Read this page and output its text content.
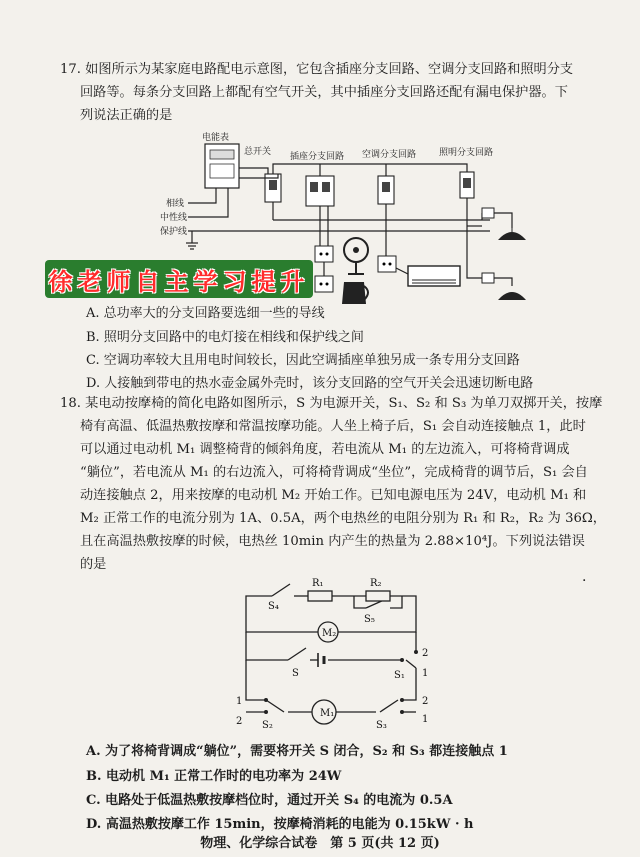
17. 如图所示为某家庭电路配电示意图，它包含插座分支回路、空调分支回路和照明分支
回路等。每条分支回路上都配有空气开关，其中插座分支回路还配有漏电保护器。下
列说法正确的是
电能表
总开关 插座分支回路 空调分支回路	照明分支回路
相线
中性线
保护线
徐老师自主学习提升
A. 总功率大的分支回路要选细一些的导线
B. 照明分支回路中的电灯接在相线和保护线之间
C. 空调功率较大且用电时间较长，因此空调插座单独另成一条专用分支回路
D. 人接触到带电的热水壶金属外壳时，该分支回路的空气开关会迅速切断电路
18. 某电动按摩椅的简化电路如图所示，S 为电源开关，S₁、S₂ 和 S₃ 为单刀双掷开关，按摩
椅有高温、低温热敷按摩和常温按摩功能。人坐上椅子后，S₁ 会自动连接触点 1，此时
可以通过电动机 M₁ 调整椅背的倾斜角度，若电流从 M₁ 的左边流入，可将椅背调成
“躺位”，若电流从 M₁ 的右边流入，可将椅背调成“坐位”，完成椅背的调节后，S₁ 会自
动连接触点 2，用来按摩的电动机 M₂ 开始工作。已知电源电压为 24V，电动机 M₁ 和
M₂ 正常工作的电流分别为 1A、0.5A，两个电热丝的电阻分别为 R₁ 和 R₂，R₂ 为 36Ω，
且在高温热敷按摩的时候，电热丝 10min 内产生的热量为 2.88×10⁴J。下列说法错误
的是
·
R₁	R₂
S₄
S₅
M₂
S	S₁
2
1
1
2 S₂
M₁
S₃
2
1
A. 为了将椅背调成“躺位”，需要将开关 S 闭合，S₂ 和 S₃ 都连接触点 1
B. 电动机 M₁ 正常工作时的电功率为 24W
C. 电路处于低温热敷按摩档位时，通过开关 S₄ 的电流为 0.5A
D. 高温热敷按摩工作 15min，按摩椅消耗的电能为 0.15kW · h
物理、化学综合试卷　第 5 页(共 12 页)
